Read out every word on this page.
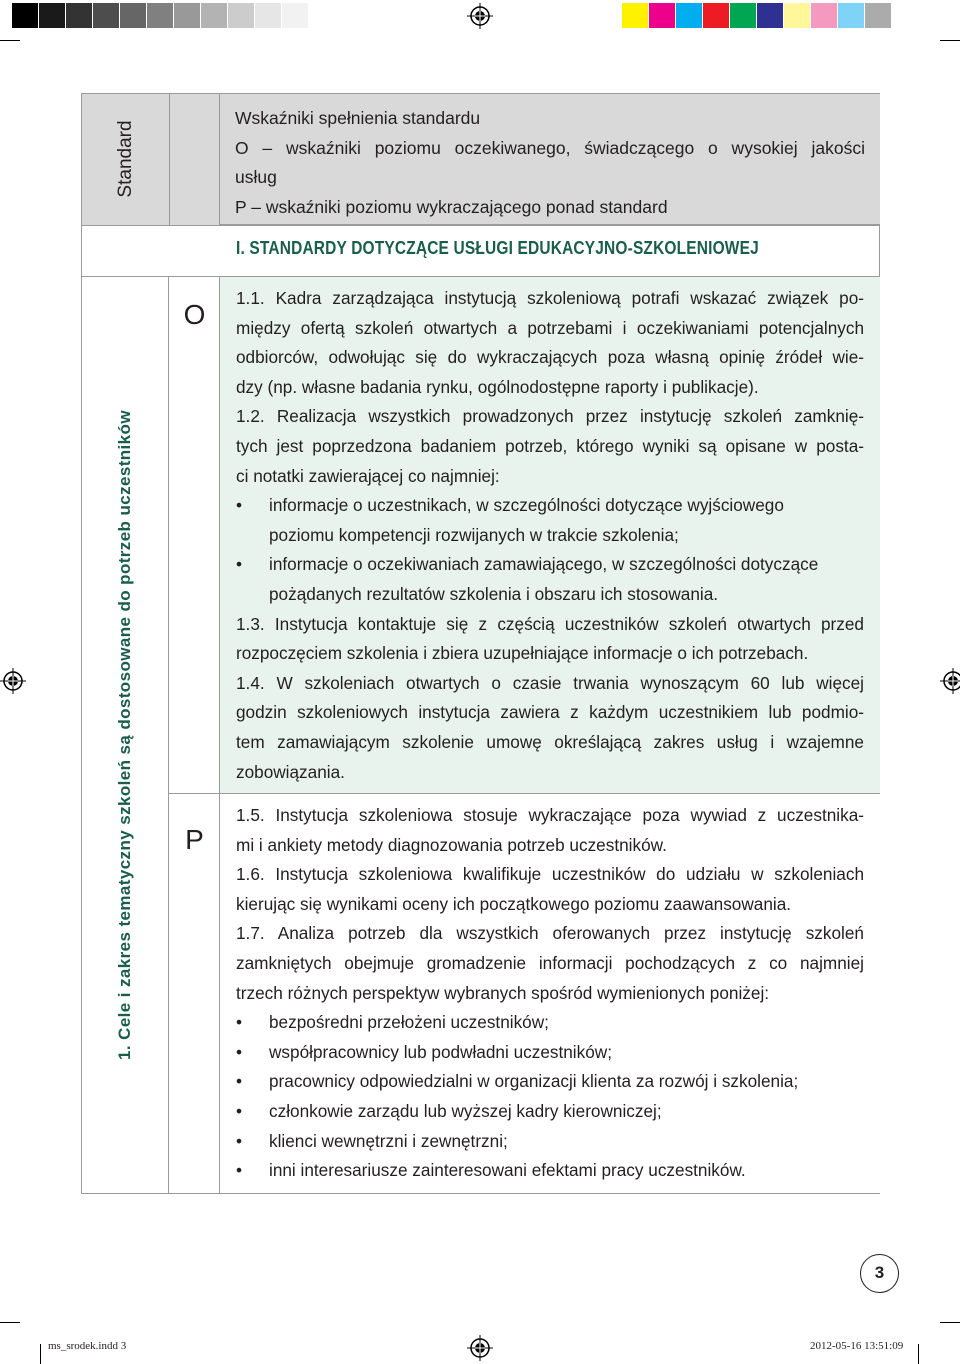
Standard
Wskaźniki spełnienia standardu
O – wskaźniki poziomu oczekiwanego, świadczącego o wysokiej jakości
usług
P – wskaźniki poziomu wykraczającego ponad standard
I. STANDARDY DOTYCZĄCE USŁUGI EDUKACYJNO-SZKOLENIOWEJ
1. Cele i zakres tematyczny szkoleń są dostosowane do potrzeb uczestników
O
P

1.1. Kadra zarządzająca instytucją szkoleniową potrafi wskazać związek po-

między ofertą szkoleń otwartych a potrzebami i oczekiwaniami potencjalnych

odbiorców, odwołując się do wykraczających poza własną opinię źródeł wie-

dzy (np. własne badania rynku, ogólnodostępne raporty i publikacje).

1.2. Realizacja wszystkich prowadzonych przez instytucję szkoleń zamknię-

tych jest poprzedzona badaniem potrzeb, którego wyniki są opisane w posta-

ci notatki zawierającej co najmniej:

• informacje o uczestnikach, w szczególności dotyczące wyjściowego

poziomu kompetencji rozwijanych w trakcie szkolenia;

• informacje o oczekiwaniach zamawiającego, w szczególności dotyczące

pożądanych rezultatów szkolenia i obszaru ich stosowania.

1.3. Instytucja kontaktuje się z częścią uczestników szkoleń otwartych przed

rozpoczęciem szkolenia i zbiera uzupełniające informacje o ich potrzebach.

1.4. W szkoleniach otwartych o czasie trwania wynoszącym 60 lub więcej

godzin szkoleniowych instytucja zawiera z każdym uczestnikiem lub podmio-

tem zamawiającym szkolenie umowę określającą zakres usług i wzajemne

zobowiązania.

1.5. Instytucja szkoleniowa stosuje wykraczające poza wywiad z uczestnika-

mi i ankiety metody diagnozowania potrzeb uczestników.

1.6. Instytucja szkoleniowa kwalifikuje uczestników do udziału w szkoleniach

kierując się wynikami oceny ich początkowego poziomu zaawansowania.

1.7. Analiza potrzeb dla wszystkich oferowanych przez instytucję szkoleń

zamkniętych obejmuje gromadzenie informacji pochodzących z co najmniej

trzech różnych perspektyw wybranych spośród wymienionych poniżej:

• bezpośredni przełożeni uczestników;

• współpracownicy lub podwładni uczestników;

• pracownicy odpowiedzialni w organizacji klienta za rozwój i szkolenia;

• członkowie zarządu lub wyższej kadry kierowniczej;

• klienci wewnętrzni i zewnętrzni;

• inni interesariusze zainteresowani efektami pracy uczestników.

3
ms_srodek.indd 3	2012-05-16 13:51:09
